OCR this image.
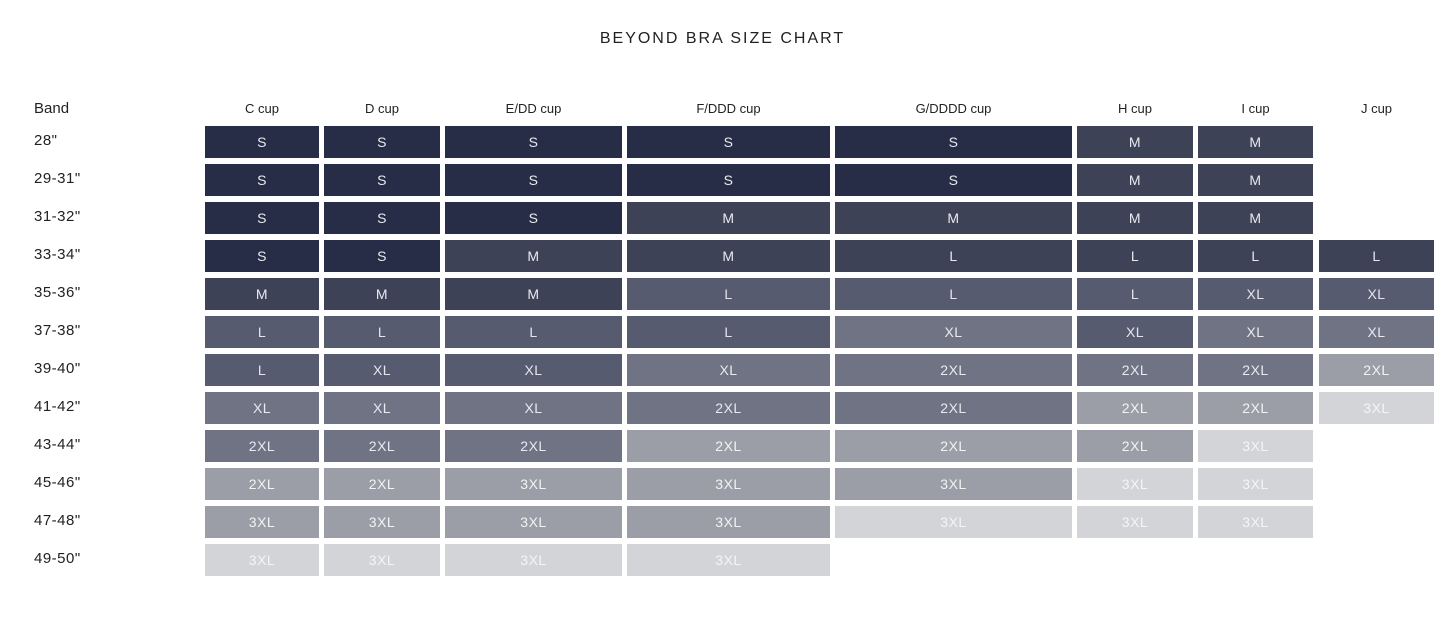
BEYOND BRA SIZE CHART
Band	C cup	D cup	E/DD cup	F/DDD cup	G/DDDD cup	H cup	I cup	J cup
28"	S	S	S	S	S	M	M
29-31"	S	S	S	S	S	M	M
31-32"	S	S	S	M	M	M	M
33-34"	S	S	M	M	L	L	L	L
35-36"	M	M	M	L	L	L	XL	XL
37-38"	L	L	L	L	XL	XL	XL	XL
39-40"	L	XL	XL	XL	2XL	2XL	2XL	2XL
41-42"	XL	XL	XL	2XL	2XL	2XL	2XL	3XL
43-44"	2XL	2XL	2XL	2XL	2XL	2XL	3XL
45-46"	2XL	2XL	3XL	3XL	3XL	3XL	3XL
47-48"	3XL	3XL	3XL	3XL	3XL	3XL	3XL
49-50"	3XL	3XL	3XL	3XL
